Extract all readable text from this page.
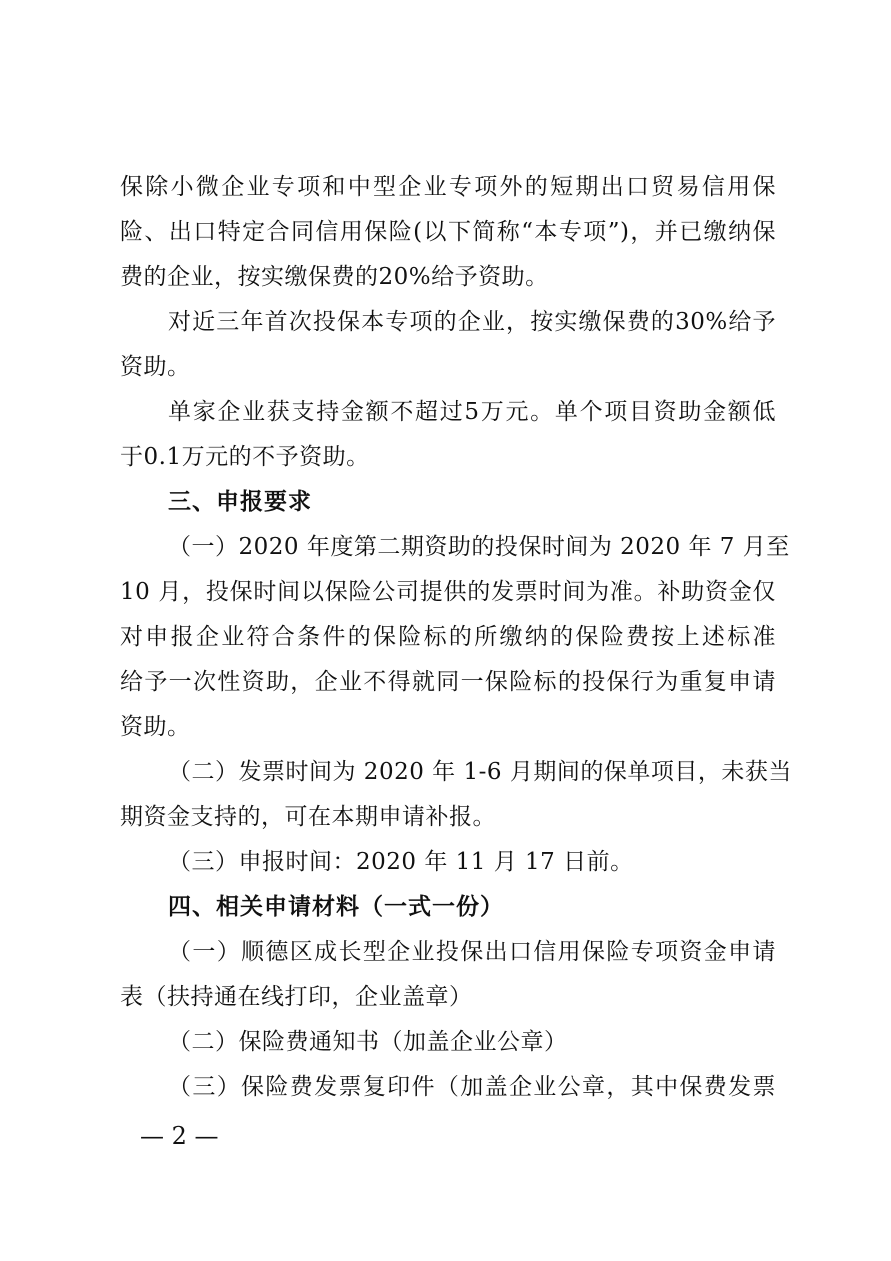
保除小微企业专项和中型企业专项外的短期出口贸易信用保
险、出口特定合同信用保险(以下简称“本专项”)，并已缴纳保
费的企业，按实缴保费的20%给予资助。
对近三年首次投保本专项的企业，按实缴保费的30%给予
资助。
单家企业获支持金额不超过5万元。单个项目资助金额低
于0.1万元的不予资助。
三、申报要求
（一）2020 年度第二期资助的投保时间为 2020 年 7 月至
10 月，投保时间以保险公司提供的发票时间为准。补助资金仅
对申报企业符合条件的保险标的所缴纳的保险费按上述标准
给予一次性资助，企业不得就同一保险标的投保行为重复申请
资助。
（二）发票时间为 2020 年 1-6 月期间的保单项目，未获当
期资金支持的，可在本期申请补报。
（三）申报时间：2020 年 11 月 17 日前。
四、相关申请材料（一式一份）
（一）顺德区成长型企业投保出口信用保险专项资金申请
表（扶持通在线打印，企业盖章）
（二）保险费通知书（加盖企业公章）
（三）保险费发票复印件（加盖企业公章，其中保费发票
— 2 —
